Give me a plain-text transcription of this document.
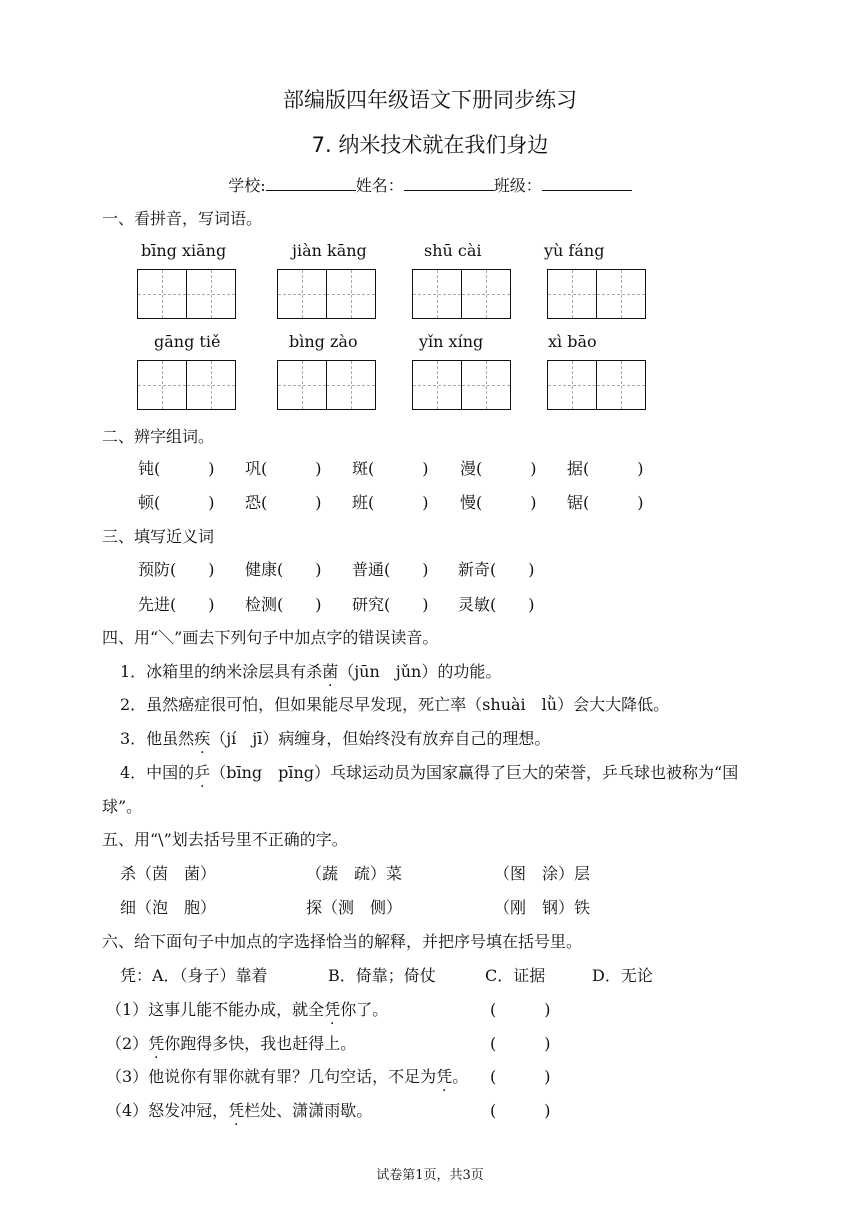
部编版四年级语文下册同步练习
7. 纳米技术就在我们身边
学校:	姓名：	班级：
一、看拼音，写词语。
bīng xiāng	jiàn kāng	shū cài	yù fáng
gāng tiě	bìng zào	yǐn xíng	xì bāo
二、辨字组词。
钝(　　　) 巩(　　　) 斑(　　　) 漫(　　　) 据(　　　)
顿(　　　) 恐(　　　) 班(　　　) 慢(　　　) 锯(　　　)
三、填写近义词
预防(　　) 健康(　　) 普通(　　) 新奇(　　)
先进(　　) 检测(　　) 研究(　　) 灵敏(　　)
四、用“＼”画去下列句子中加点字的错误读音。
1．冰箱里的纳米涂层具有杀菌（jūn　jǔn）的功能。
2．虽然癌症很可怕，但如果能尽早发现，死亡率（shuài　lǜ）会大大降低。
3．他虽然疾（jí　jī）病缠身，但始终没有放弃自己的理想。
4．中国的乒（bīng　pīng）乓球运动员为国家赢得了巨大的荣誉，乒乓球也被称为“国
球”。
五、用“\”划去括号里不正确的字。
杀（茵　菌）	（蔬　疏）菜	（图　涂）层
细（泡　胞）	探（测　侧）	（刚　钢）铁
六、给下面句子中加点的字选择恰当的解释，并把序号填在括号里。
凭：A．（身子）靠着	B．倚靠；倚仗	C．证据	D．无论
（1）这事儿能不能办成，就全凭你了。	(　　　)
（2）凭你跑得多快，我也赶得上。	(　　　)
（3）他说你有罪你就有罪？几句空话，不足为凭。 (　　　)
（4）怒发冲冠，凭栏处、潇潇雨歇。	(　　　)
试卷第1页，共3页
